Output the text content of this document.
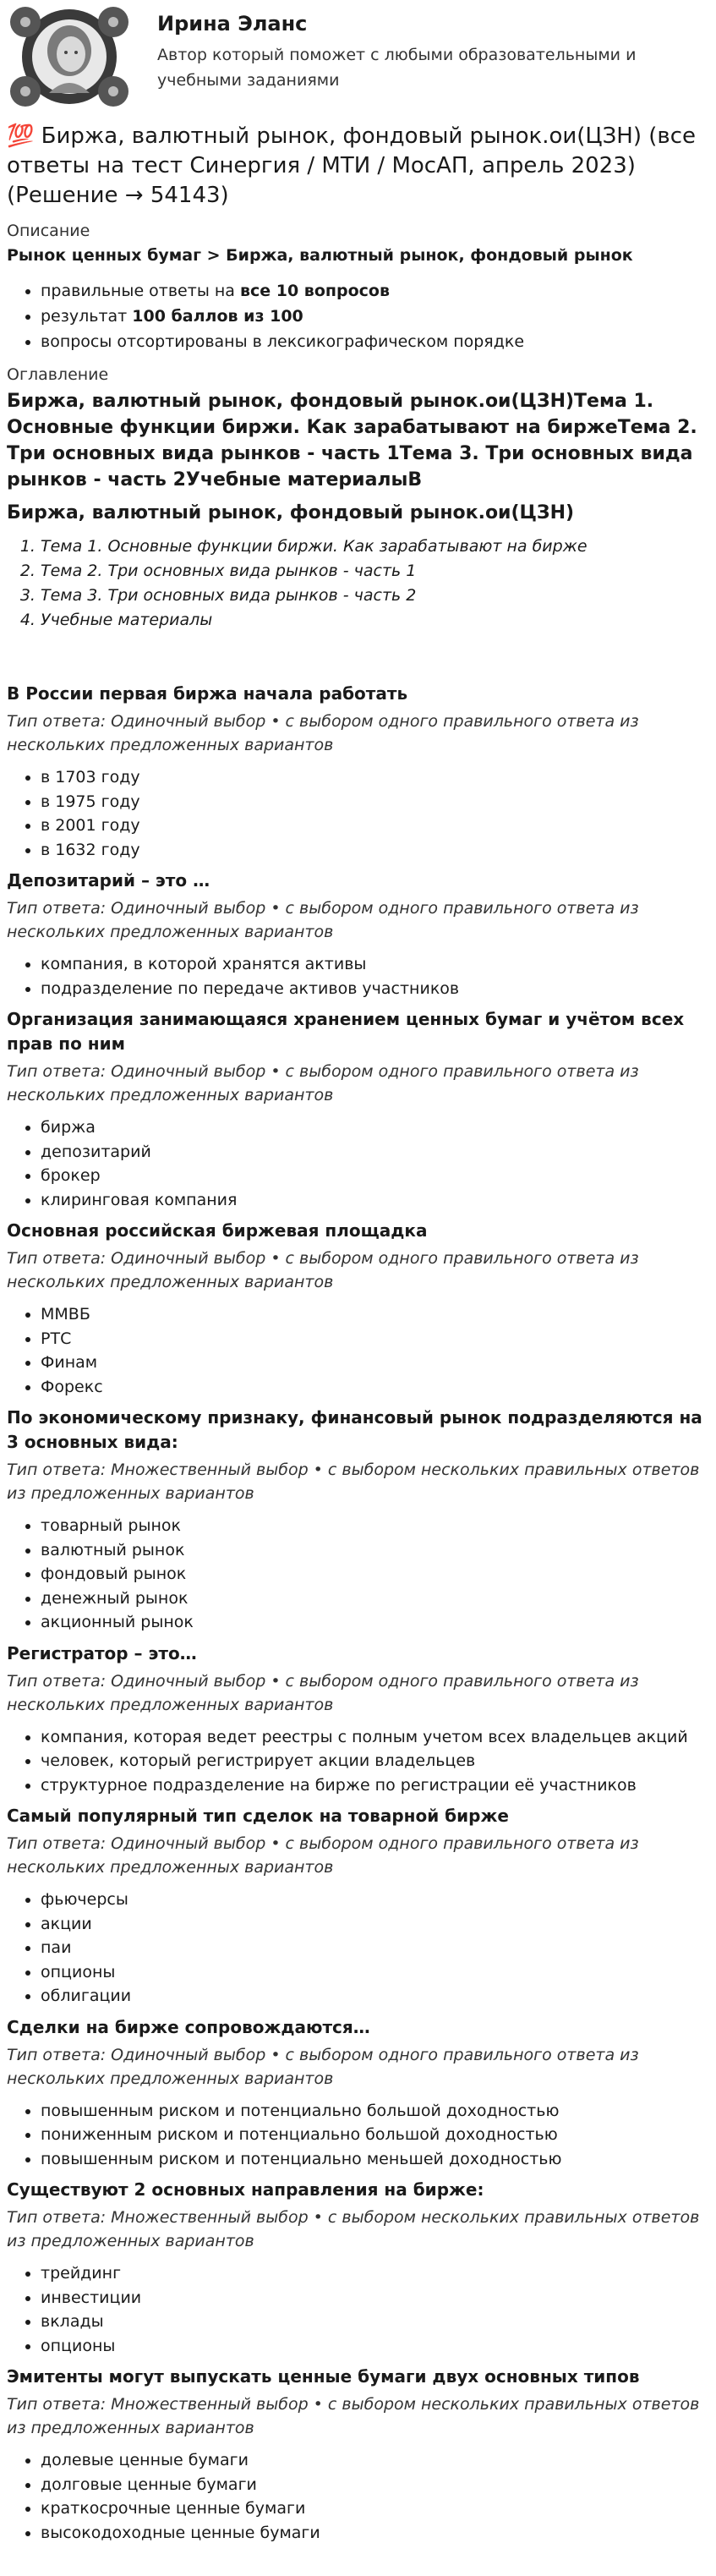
Ирина Эланс
Автор который поможет с любыми образовательными и учебными заданиями
💯 Биржа, валютный рынок, фондовый рынок.ои(ЦЗН) (все ответы на тест Синергия / МТИ / МосАП, апрель 2023) (Решение → 54143)
Описание
Рынок ценных бумаг > Биржа, валютный рынок, фондовый рынок
• правильные ответы на все 10 вопросов
• результат 100 баллов из 100
• вопросы отсортированы в лексикографическом порядке
Оглавление
Биржа, валютный рынок, фондовый рынок.ои(ЦЗН)Тема 1. Основные функции биржи. Как зарабатывают на биржеТема 2. Три основных вида рынков - часть 1Тема 3. Три основных вида рынков - часть 2Учебные материалыВ
Биржа, валютный рынок, фондовый рынок.ои(ЦЗН)
1. Тема 1. Основные функции биржи. Как зарабатывают на бирже
2. Тема 2. Три основных вида рынков - часть 1
3. Тема 3. Три основных вида рынков - часть 2
4. Учебные материалы
В России первая биржа начала работать
Тип ответа: Одиночный выбор • с выбором одного правильного ответа из нескольких предложенных вариантов
• в 1703 году
• в 1975 году
• в 2001 году
• в 1632 году
Депозитарий – это …
Тип ответа: Одиночный выбор • с выбором одного правильного ответа из нескольких предложенных вариантов
• компания, в которой хранятся активы
• подразделение по передаче активов участников
Организация занимающаяся хранением ценных бумаг и учётом всех прав по ним
Тип ответа: Одиночный выбор • с выбором одного правильного ответа из нескольких предложенных вариантов
• биржа
• депозитарий
• брокер
• клиринговая компания
Основная российская биржевая площадка
Тип ответа: Одиночный выбор • с выбором одного правильного ответа из нескольких предложенных вариантов
• ММВБ
• РТС
• Финам
• Форекс
По экономическому признаку, финансовый рынок подразделяются на 3 основных вида:
Тип ответа: Множественный выбор • с выбором нескольких правильных ответов из предложенных вариантов
• товарный рынок
• валютный рынок
• фондовый рынок
• денежный рынок
• акционный рынок
Регистратор – это…
Тип ответа: Одиночный выбор • с выбором одного правильного ответа из нескольких предложенных вариантов
• компания, которая ведет реестры с полным учетом всех владельцев акций
• человек, который регистрирует акции владельцев
• структурное подразделение на бирже по регистрации её участников
Самый популярный тип сделок на товарной бирже
Тип ответа: Одиночный выбор • с выбором одного правильного ответа из нескольких предложенных вариантов
• фьючерсы
• акции
• паи
• опционы
• облигации
Сделки на бирже сопровождаются…
Тип ответа: Одиночный выбор • с выбором одного правильного ответа из нескольких предложенных вариантов
• повышенным риском и потенциально большой доходностью
• пониженным риском и потенциально большой доходностью
• повышенным риском и потенциально меньшей доходностью
Существуют 2 основных направления на бирже:
Тип ответа: Множественный выбор • с выбором нескольких правильных ответов из предложенных вариантов
• трейдинг
• инвестиции
• вклады
• опционы
Эмитенты могут выпускать ценные бумаги двух основных типов
Тип ответа: Множественный выбор • с выбором нескольких правильных ответов из предложенных вариантов
• долевые ценные бумаги
• долговые ценные бумаги
• краткосрочные ценные бумаги
• высокодоходные ценные бумаги
